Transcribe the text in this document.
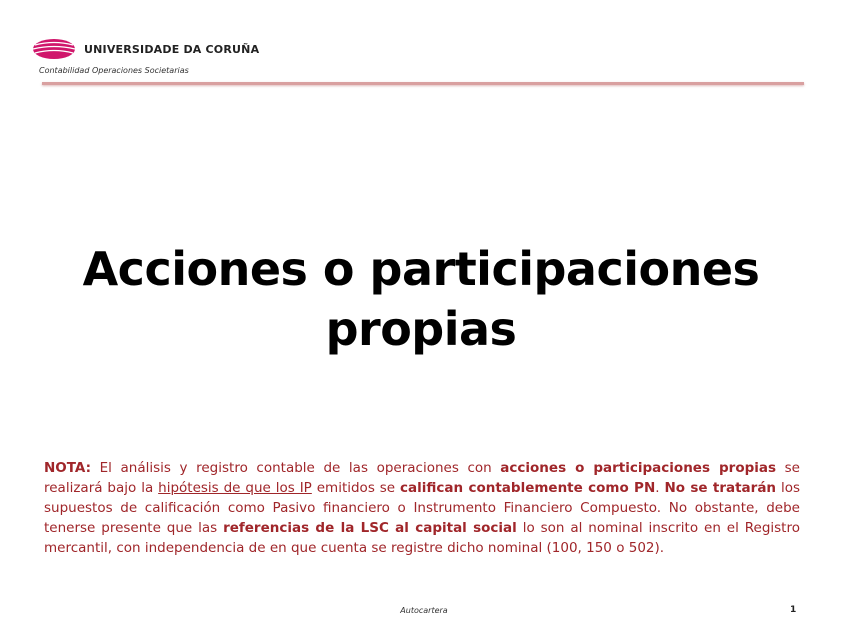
UNIVERSIDADE DA CORUÑA
Contabilidad Operaciones Societarias
Acciones o participaciones
propias

NOTA: El análisis y registro contable de las operaciones con acciones o participaciones propias se realizará bajo la hipótesis de que los IP emitidos se califican contablemente como PN. No se tratarán los supuestos de calificación como Pasivo financiero o Instrumento Financiero Compuesto. No obstante, debe tenerse presente que las referencias de la LSC al capital social lo son al nominal inscrito en el Registro mercantil, con independencia de en que cuenta se registre dicho nominal (100, 150 o 502).

Autocartera	1
